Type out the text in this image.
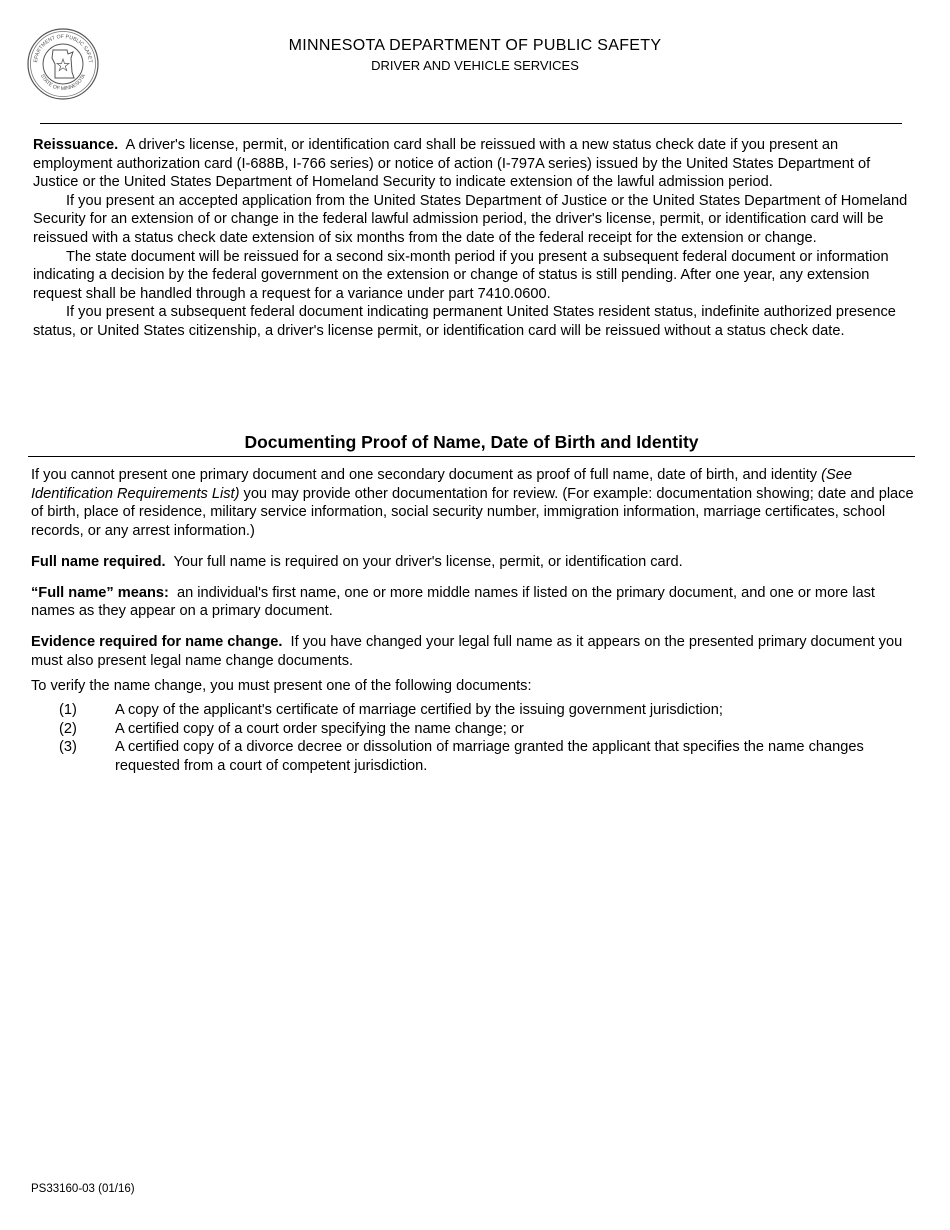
EPARTMENT OF PUBLIC SAFET
STATE OF MINNESOTA
MINNESOTA DEPARTMENT OF PUBLIC SAFETY
DRIVER AND VEHICLE SERVICES

Reissuance. A driver's license, permit, or identification card shall be reissued with a new status check date if you present an employment authorization card (I-688B, I-766 series) or notice of action (I-797A series) issued by the United States Department of Justice or the United States Department of Homeland Security to indicate extension of the lawful admission period.

If you present an accepted application from the United States Department of Justice or the United States Department of Homeland Security for an extension of or change in the federal lawful admission period, the driver's license, permit, or identification card will be reissued with a status check date extension of six months from the date of the federal receipt for the extension or change.

The state document will be reissued for a second six-month period if you present a subsequent federal document or information indicating a decision by the federal government on the extension or change of status is still pending. After one year, any extension request shall be handled through a request for a variance under part 7410.0600.

If you present a subsequent federal document indicating permanent United States resident status, indefinite authorized presence status, or United States citizenship, a driver's license permit, or identification card will be reissued without a status check date.

Documenting Proof of Name, Date of Birth and Identity

If you cannot present one primary document and one secondary document as proof of full name, date of birth, and identity (See Identification Requirements List) you may provide other documentation for review. (For example: documentation showing; date and place of birth, place of residence, military service information, social security number, immigration information, marriage certificates, school records, or any arrest information.)

Full name required. Your full name is required on your driver's license, permit, or identification card.

“Full name” means: an individual's first name, one or more middle names if listed on the primary document, and one or more last names as they appear on a primary document.

Evidence required for name change. If you have changed your legal full name as it appears on the presented primary document you must also present legal name change documents.

To verify the name change, you must present one of the following documents:

(1)	A copy of the applicant's certificate of marriage certified by the issuing government jurisdiction;
(2)	A certified copy of a court order specifying the name change; or
(3)	A certified copy of a divorce decree or dissolution of marriage granted the applicant that specifies the name changes requested from a court of competent jurisdiction.
PS33160-03 (01/16)
